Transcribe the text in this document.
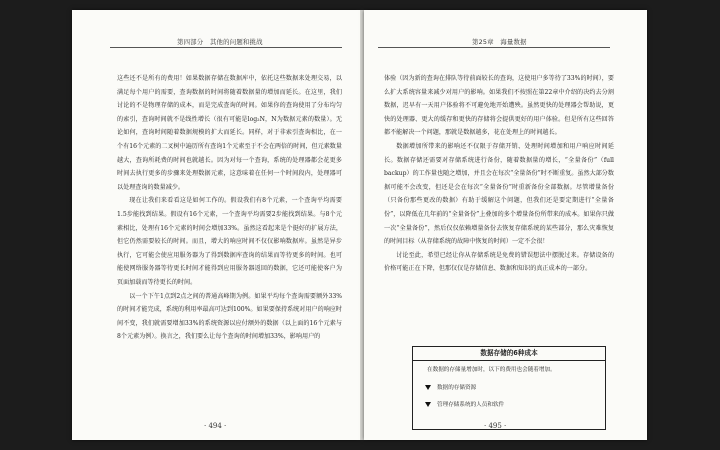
第四部分　其他的问题和挑战

这些还不是所有的费用！如果数据存储在数据库中，依托这些数据来处理交易，以满足每个用户的需要，查询数据的时间将随着数据量的增加而延长。在这里，我们讨论的不是物理存储的成本，而是完成查询的时间。如果你的查询使用了分布均匀的索引，查询时间就不是线性增长（很有可能是log₂N，N为数据元素的数量）。无论如何，查询时间随着数据规模的扩大而延长。同样，对于非索引查询相比，在一个有16个元素的二叉树中遍历所有查询1个元素至于不会在两倍的时间，但元素数量越大，查询所耗费的时间也就越长。因为对每一个查询，系统的处理器都会花更多时间去执行更多的步骤来处理数据元素，这意味着在任何一个时间段内，处理器可以处理查询的数量减少。

现在让我们来看看这是如何工作的。假设我们有8个元素，一个查询平均需要1.5步能找到结果。假设有16个元素，一个查询平均需要2步能找到结果。与8个元素相比，处理有16个元素的时间会增加33%。虽然这看起来是个挺好的扩展方法，但它仍然需要较长的时间。而且，增大的响应时间不仅仅影响数据库。虽然是异步执行，它可能会使应用服务器为了得到数据库查询的结果而等待更多的时间。也可能使网络服务器等待更长时间才能得到应用服务器返回的数据，它还可能使客户为页面加载而等待更长的时间。

以一个下午1点到2点之间的普通高峰期为例。如果平均每个查询需要额外33%的时间才能完成，系统的利用率最高可达到100%。如果要保持系统对用户的响应时间不变，我们就需要增加33%的系统资源以应付额外的数据（以上面的16个元素与8个元素为例）。换言之，我们要么让每个查询的时间增加33%，影响用户的

· 494 ·
第25章　海量数据

体验（因为新的查询在排队等待前面较长的查询，这使用户多等待了33%的时间），要么扩大系统容量来减少对用户的影响。如果我们不按照在第22章中介绍的决约去分割数据，迟早有一天用户体验将不可避免地开始遭殃。虽然更快的处理器会帮助说，更快的处理器、更大的缓存和更快的存储将会提供更好的用户体验。但是所有这些回答都不能解决一个问题，那就是数据越多，花在处理上的时间越长。

数据增加所带来的影响还不仅限于存储开销、处理时间增加和用户响应时间延长。数据存储还需要对存储系统进行备份，随着数据量的增长，“全量备份”（full backup）的工作量也随之增加，并且会在每次“全量备份”时不断重复。虽然大部分数据可能不会改变，但还是会在每次“全量备份”时重新备份全部数据。尽管增量备份（只备份那些更改的数据）有助于缓解这个问题，但我们还是要定期进行“全量备份”，以降低在几年前的“全量备份”上叠加的多个增量备份所带来的成本。如果你只做一次“全量备份”，然后仅仅依赖增量备份去恢复存储系统的某些部分，那么灾难恢复的时间目标（从存储系统的故障中恢复的时间）一定不会很！

讨论至此，希望已经让你从存储系统是免费的错误想法中摆脱过来。存储设备的价格可能正在下降，但那仅仅是存储信息、数据和知识的真正成本的一部分。

数据存储的6种成本
在数据的存储量增加时，以下的费用也会随着增加。
数据的存储资源
管理存储系统的人员和软件
· 495 ·
